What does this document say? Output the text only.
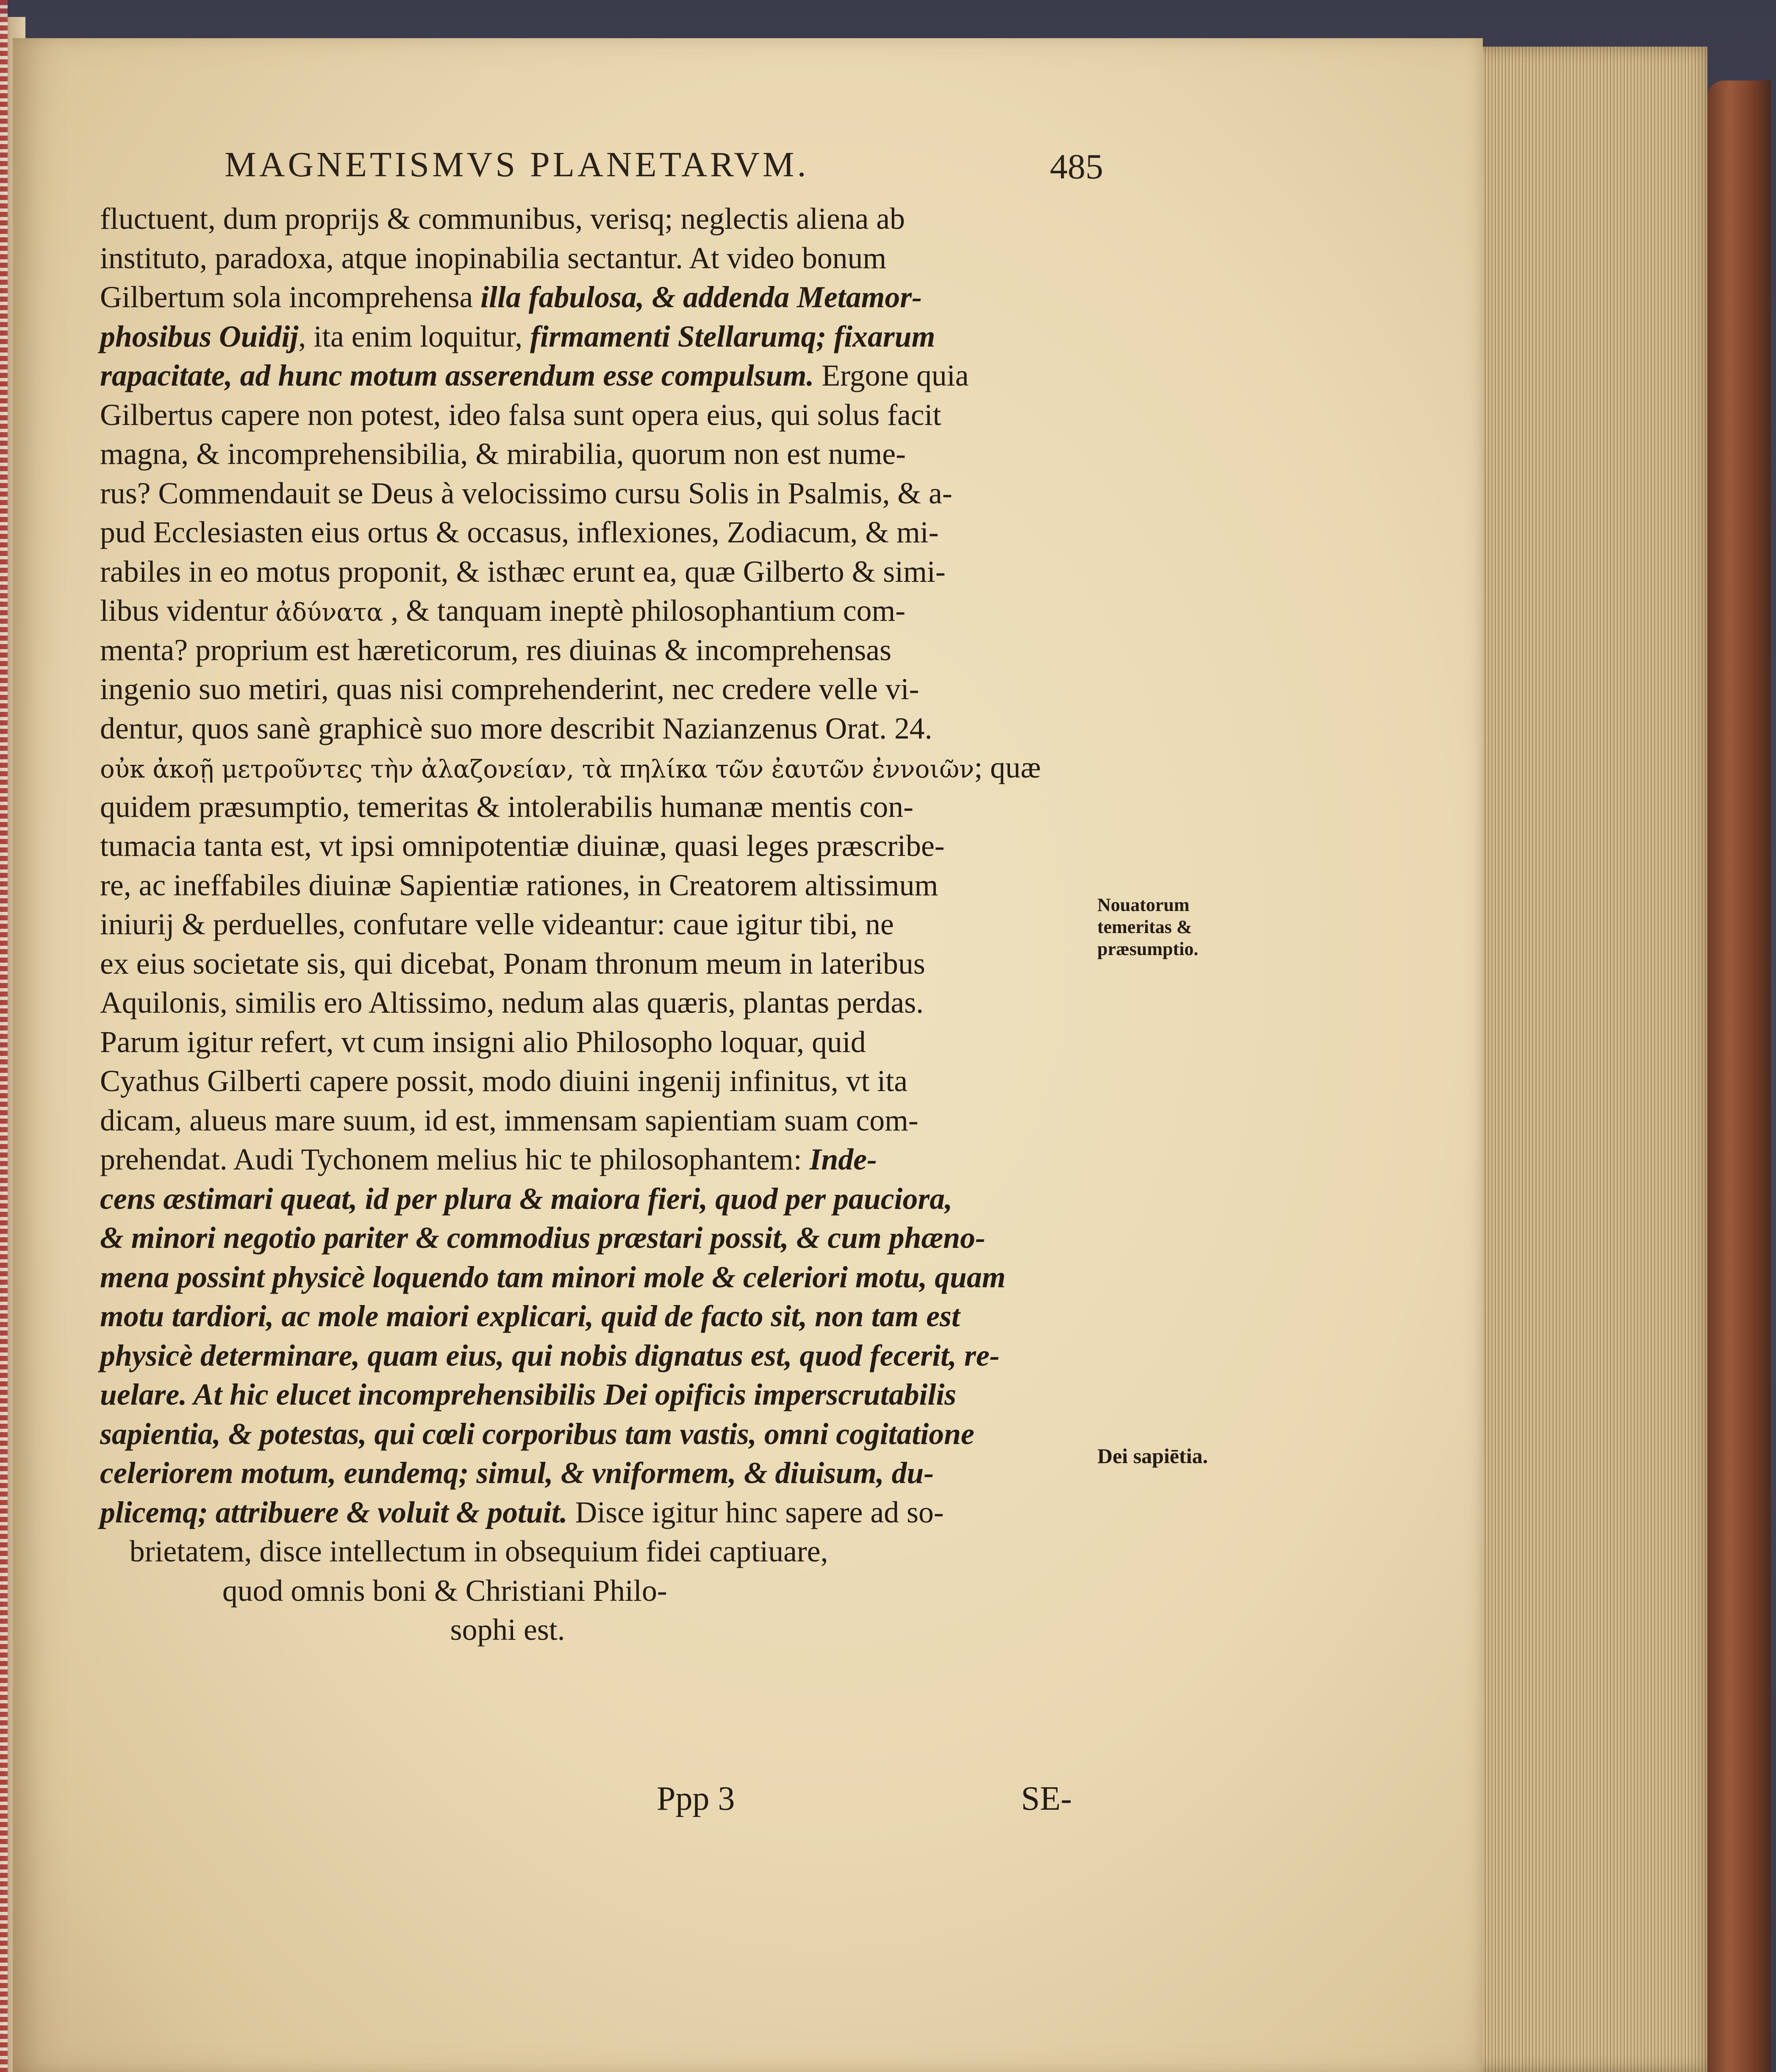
MAGNETISMVS PLANETARVM.	485
fluctuent, dum proprijs & communibus, verisq; neglectis aliena ab
instituto, paradoxa, atque inopinabilia sectantur. At video bonum
Gilbertum sola incomprehensa illa fabulosa, & addenda Metamor-
phosibus Ouidij, ita enim loquitur, firmamenti Stellarumq; fixarum
rapacitate, ad hunc motum asserendum esse compulsum. Ergone quia
Gilbertus capere non potest, ideo falsa sunt opera eius, qui solus facit
magna, & incomprehensibilia, & mirabilia, quorum non est nume-
rus? Commendauit se Deus à velocissimo cursu Solis in Psalmis, & a-
pud Ecclesiasten eius ortus & occasus, inflexiones, Zodiacum, & mi-
rabiles in eo motus proponit, & isthæc erunt ea, quæ Gilberto & simi-
libus videntur ἀδύνατα , & tanquam ineptè philosophantium com-
menta? proprium est hæreticorum, res diuinas & incomprehensas
ingenio suo metiri, quas nisi comprehenderint, nec credere velle vi-
dentur, quos sanè graphicè suo more describit Nazianzenus Orat. 24.
οὐκ ἀκοῇ μετροῦντες τὴν ἀλαζονείαν, τὰ πηλίκα τῶν ἐαυτῶν ἐννοιῶν; quæ
quidem præsumptio, temeritas & intolerabilis humanæ mentis con-
tumacia tanta est, vt ipsi omnipotentiæ diuinæ, quasi leges præscribe-
re, ac ineffabiles diuinæ Sapientiæ rationes, in Creatorem altissimum
iniurij & perduelles, confutare velle videantur: caue igitur tibi, ne
ex eius societate sis, qui dicebat, Ponam thronum meum in lateribus
Aquilonis, similis ero Altissimo, nedum alas quæris, plantas perdas.
Parum igitur refert, vt cum insigni alio Philosopho loquar, quid
Cyathus Gilberti capere possit, modo diuini ingenij infinitus, vt ita
dicam, alueus mare suum, id est, immensam sapientiam suam com-
prehendat. Audi Tychonem melius hic te philosophantem: Inde-
cens æstimari queat, id per plura & maiora fieri, quod per pauciora,
& minori negotio pariter & commodius præstari possit, & cum phæno-
mena possint physicè loquendo tam minori mole & celeriori motu, quam
motu tardiori, ac mole maiori explicari, quid de facto sit, non tam est
physicè determinare, quam eius, qui nobis dignatus est, quod fecerit, re-
uelare. At hic elucet incomprehensibilis Dei opificis imperscrutabilis
sapientia, & potestas, qui cœli corporibus tam vastis, omni cogitatione
celeriorem motum, eundemq; simul, & vniformem, & diuisum, du-
plicemq; attribuere & voluit & potuit. Disce igitur hinc sapere ad so-
brietatem, disce intellectum in obsequium fidei captiuare,
quod omnis boni & Christiani Philo-
sophi est.
Nouatorum
temeritas &
præsumptio.
Dei sapiētia.
Ppp 3	SE-
